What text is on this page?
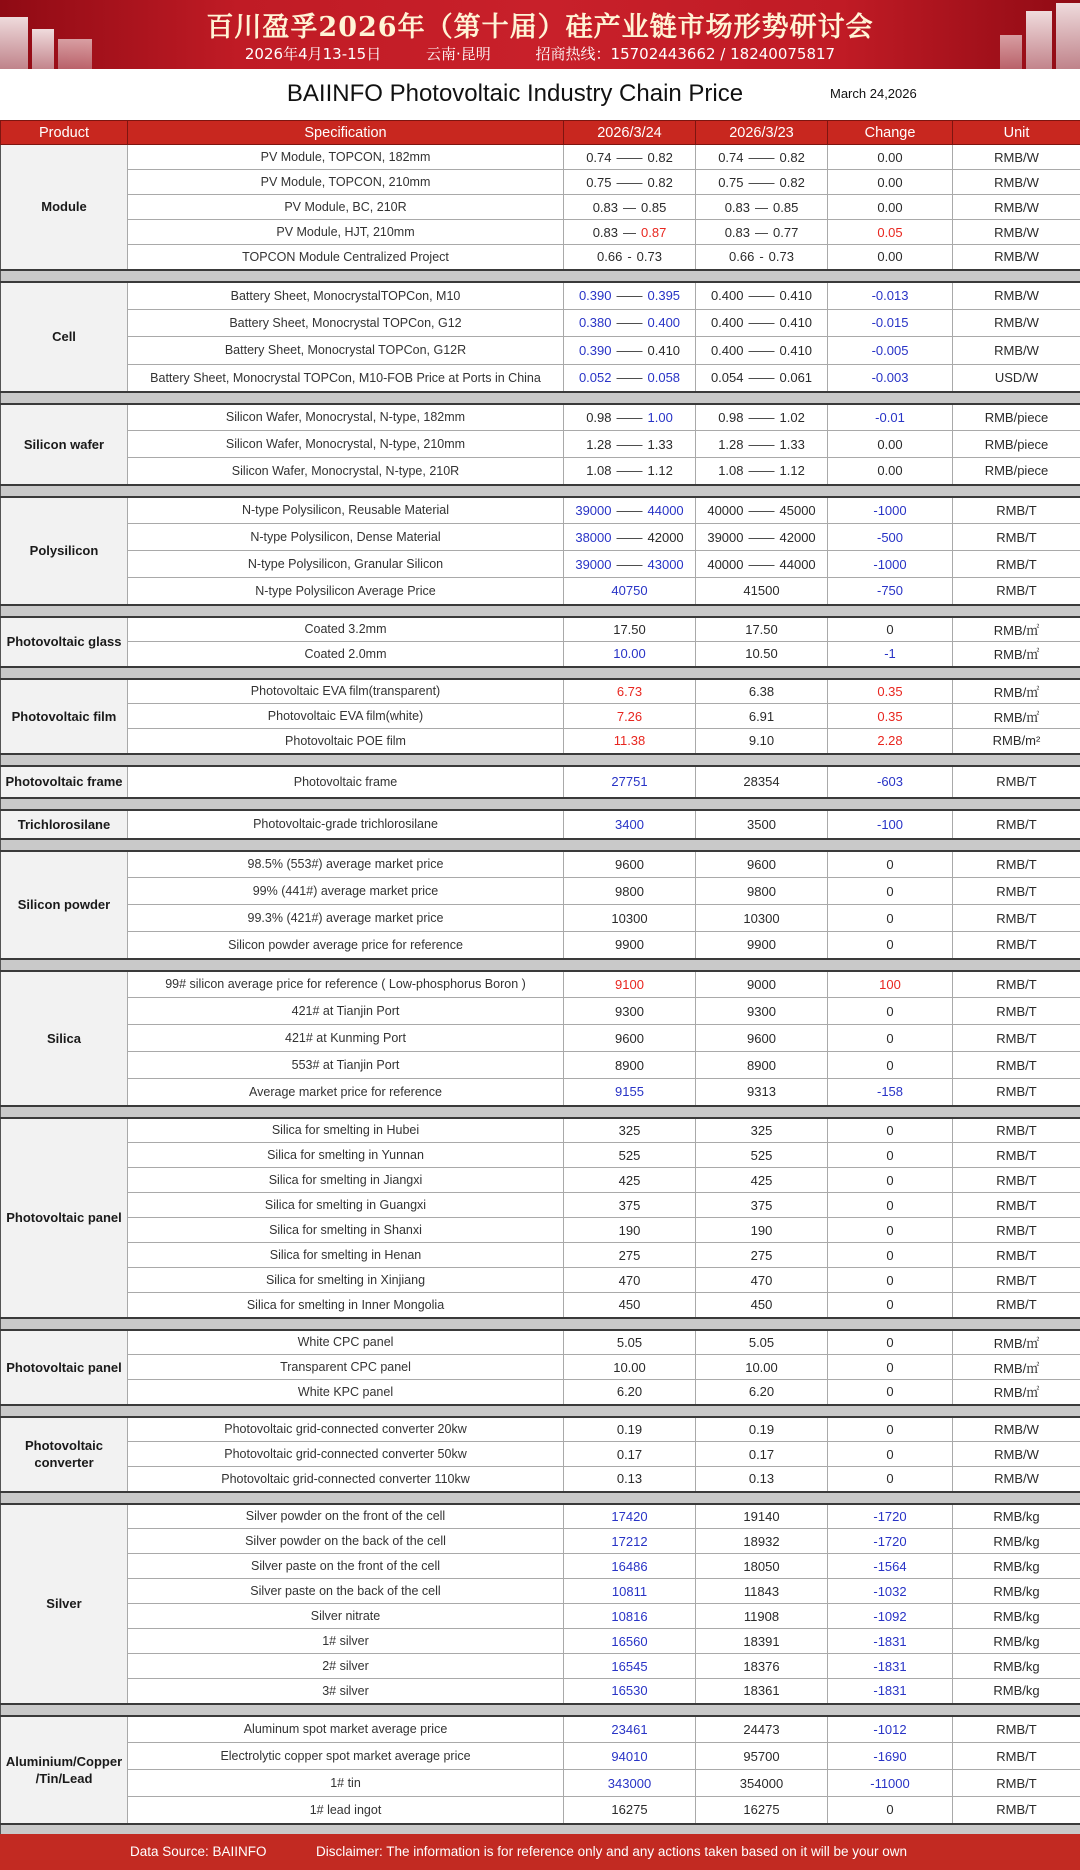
百川盈孚2026年（第十届）硅产业链市场形势研讨会
2026年4月13-15日	云南·昆明	招商热线：15702443662 / 18240075817
BAIINFO Photovoltaic Industry Chain Price	March 24,2026
Product	Specification	2026/3/24	2026/3/23	Change	Unit
Module	PV Module, TOPCON, 182mm	0.74 —— 0.82	0.74 —— 0.82	0.00	RMB/W
	PV Module, TOPCON, 210mm	0.75 —— 0.82	0.75 —— 0.82	0.00	RMB/W
	PV Module, BC, 210R	0.83 — 0.85	0.83 — 0.85	0.00	RMB/W
	PV Module, HJT, 210mm	0.83 — 0.87	0.83 — 0.77	0.05	RMB/W
	TOPCON Module Centralized Project	0.66 - 0.73	0.66 - 0.73	0.00	RMB/W

Cell	Battery Sheet, MonocrystalTOPCon, M10	0.390 —— 0.395	0.400 —— 0.410	-0.013	RMB/W
	Battery Sheet, Monocrystal TOPCon, G12	0.380 —— 0.400	0.400 —— 0.410	-0.015	RMB/W
	Battery Sheet, Monocrystal TOPCon, G12R	0.390 —— 0.410	0.400 —— 0.410	-0.005	RMB/W
	Battery Sheet, Monocrystal TOPCon, M10-FOB Price at Ports in China	0.052 —— 0.058	0.054 —— 0.061	-0.003	USD/W

Silicon wafer	Silicon Wafer, Monocrystal, N-type, 182mm	0.98 —— 1.00	0.98 —— 1.02	-0.01	RMB/piece
	Silicon Wafer, Monocrystal, N-type, 210mm	1.28 —— 1.33	1.28 —— 1.33	0.00	RMB/piece
	Silicon Wafer, Monocrystal, N-type, 210R	1.08 —— 1.12	1.08 —— 1.12	0.00	RMB/piece

Polysilicon	N-type Polysilicon, Reusable Material	39000 —— 44000	40000 —— 45000	-1000	RMB/T
	N-type Polysilicon, Dense Material	38000 —— 42000	39000 —— 42000	-500	RMB/T
	N-type Polysilicon, Granular Silicon	39000 —— 43000	40000 —— 44000	-1000	RMB/T
	N-type Polysilicon Average Price	40750	41500	-750	RMB/T

Photovoltaic glass	Coated 3.2mm	17.50	17.50	0	RMB/㎡
	Coated 2.0mm	10.00	10.50	-1	RMB/㎡

Photovoltaic film	Photovoltaic EVA film(transparent)	6.73	6.38	0.35	RMB/㎡
	Photovoltaic EVA film(white)	7.26	6.91	0.35	RMB/㎡
	Photovoltaic POE film	11.38	9.10	2.28	RMB/m²

Photovoltaic frame	Photovoltaic frame	27751	28354	-603	RMB/T

Trichlorosilane	Photovoltaic-grade trichlorosilane	3400	3500	-100	RMB/T

Silicon powder	98.5% (553#) average market price	9600	9600	0	RMB/T
	99% (441#) average market price	9800	9800	0	RMB/T
	99.3% (421#) average market price	10300	10300	0	RMB/T
	Silicon powder average price for reference	9900	9900	0	RMB/T

Silica	99# silicon average price for reference ( Low-phosphorus Boron )	9100	9000	100	RMB/T
	421# at Tianjin Port	9300	9300	0	RMB/T
	421# at Kunming Port	9600	9600	0	RMB/T
	553# at Tianjin Port	8900	8900	0	RMB/T
	Average market price for reference	9155	9313	-158	RMB/T

Photovoltaic panel	Silica for smelting in Hubei	325	325	0	RMB/T
	Silica for smelting in Yunnan	525	525	0	RMB/T
	Silica for smelting in Jiangxi	425	425	0	RMB/T
	Silica for smelting in Guangxi	375	375	0	RMB/T
	Silica for smelting in Shanxi	190	190	0	RMB/T
	Silica for smelting in Henan	275	275	0	RMB/T
	Silica for smelting in Xinjiang	470	470	0	RMB/T
	Silica for smelting in Inner Mongolia	450	450	0	RMB/T

Photovoltaic panel	White CPC panel	5.05	5.05	0	RMB/㎡
	Transparent CPC panel	10.00	10.00	0	RMB/㎡
	White KPC panel	6.20	6.20	0	RMB/㎡

Photovoltaic converter	Photovoltaic grid-connected converter 20kw	0.19	0.19	0	RMB/W
	Photovoltaic grid-connected converter 50kw	0.17	0.17	0	RMB/W
	Photovoltaic grid-connected converter 110kw	0.13	0.13	0	RMB/W

Silver	Silver powder on the front of the cell	17420	19140	-1720	RMB/kg
	Silver powder on the back of the cell	17212	18932	-1720	RMB/kg
	Silver paste on the front of the cell	16486	18050	-1564	RMB/kg
	Silver paste on the back of the cell	10811	11843	-1032	RMB/kg
	Silver nitrate	10816	11908	-1092	RMB/kg
	1# silver	16560	18391	-1831	RMB/kg
	2# silver	16545	18376	-1831	RMB/kg
	3# silver	16530	18361	-1831	RMB/kg

Aluminium/Copper/Tin/Lead	Aluminum spot market average price	23461	24473	-1012	RMB/T
	Electrolytic copper spot market average price	94010	95700	-1690	RMB/T
	1# tin	343000	354000	-11000	RMB/T
	1# lead ingot	16275	16275	0	RMB/T

Data Source: BAIINFO	Disclaimer: The information is for reference only and any actions taken based on it will be your own
